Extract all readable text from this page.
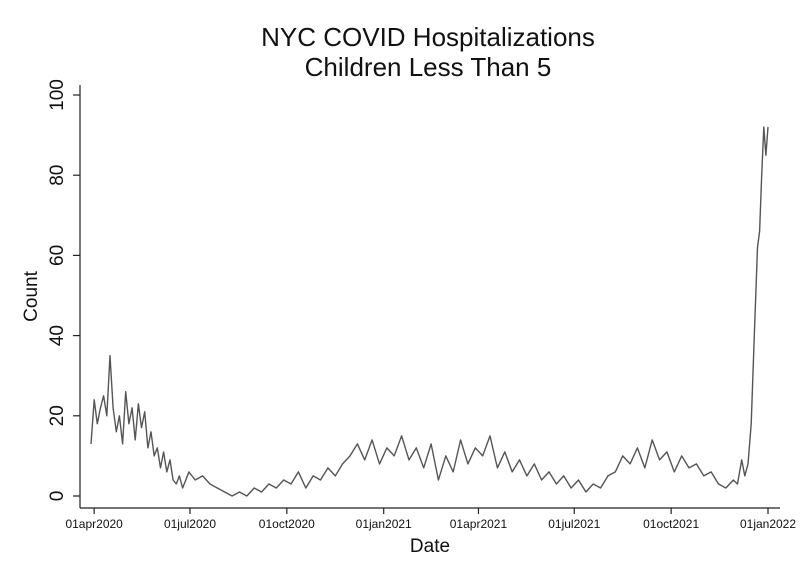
NYC COVID Hospitalizations
Children Less Than 5
0
20
40
60
80
100
01apr2020	01jul2020	01oct2020	01jan2021	01apr2021	01jul2021	01oct2021	01jan2022
Count
Date
